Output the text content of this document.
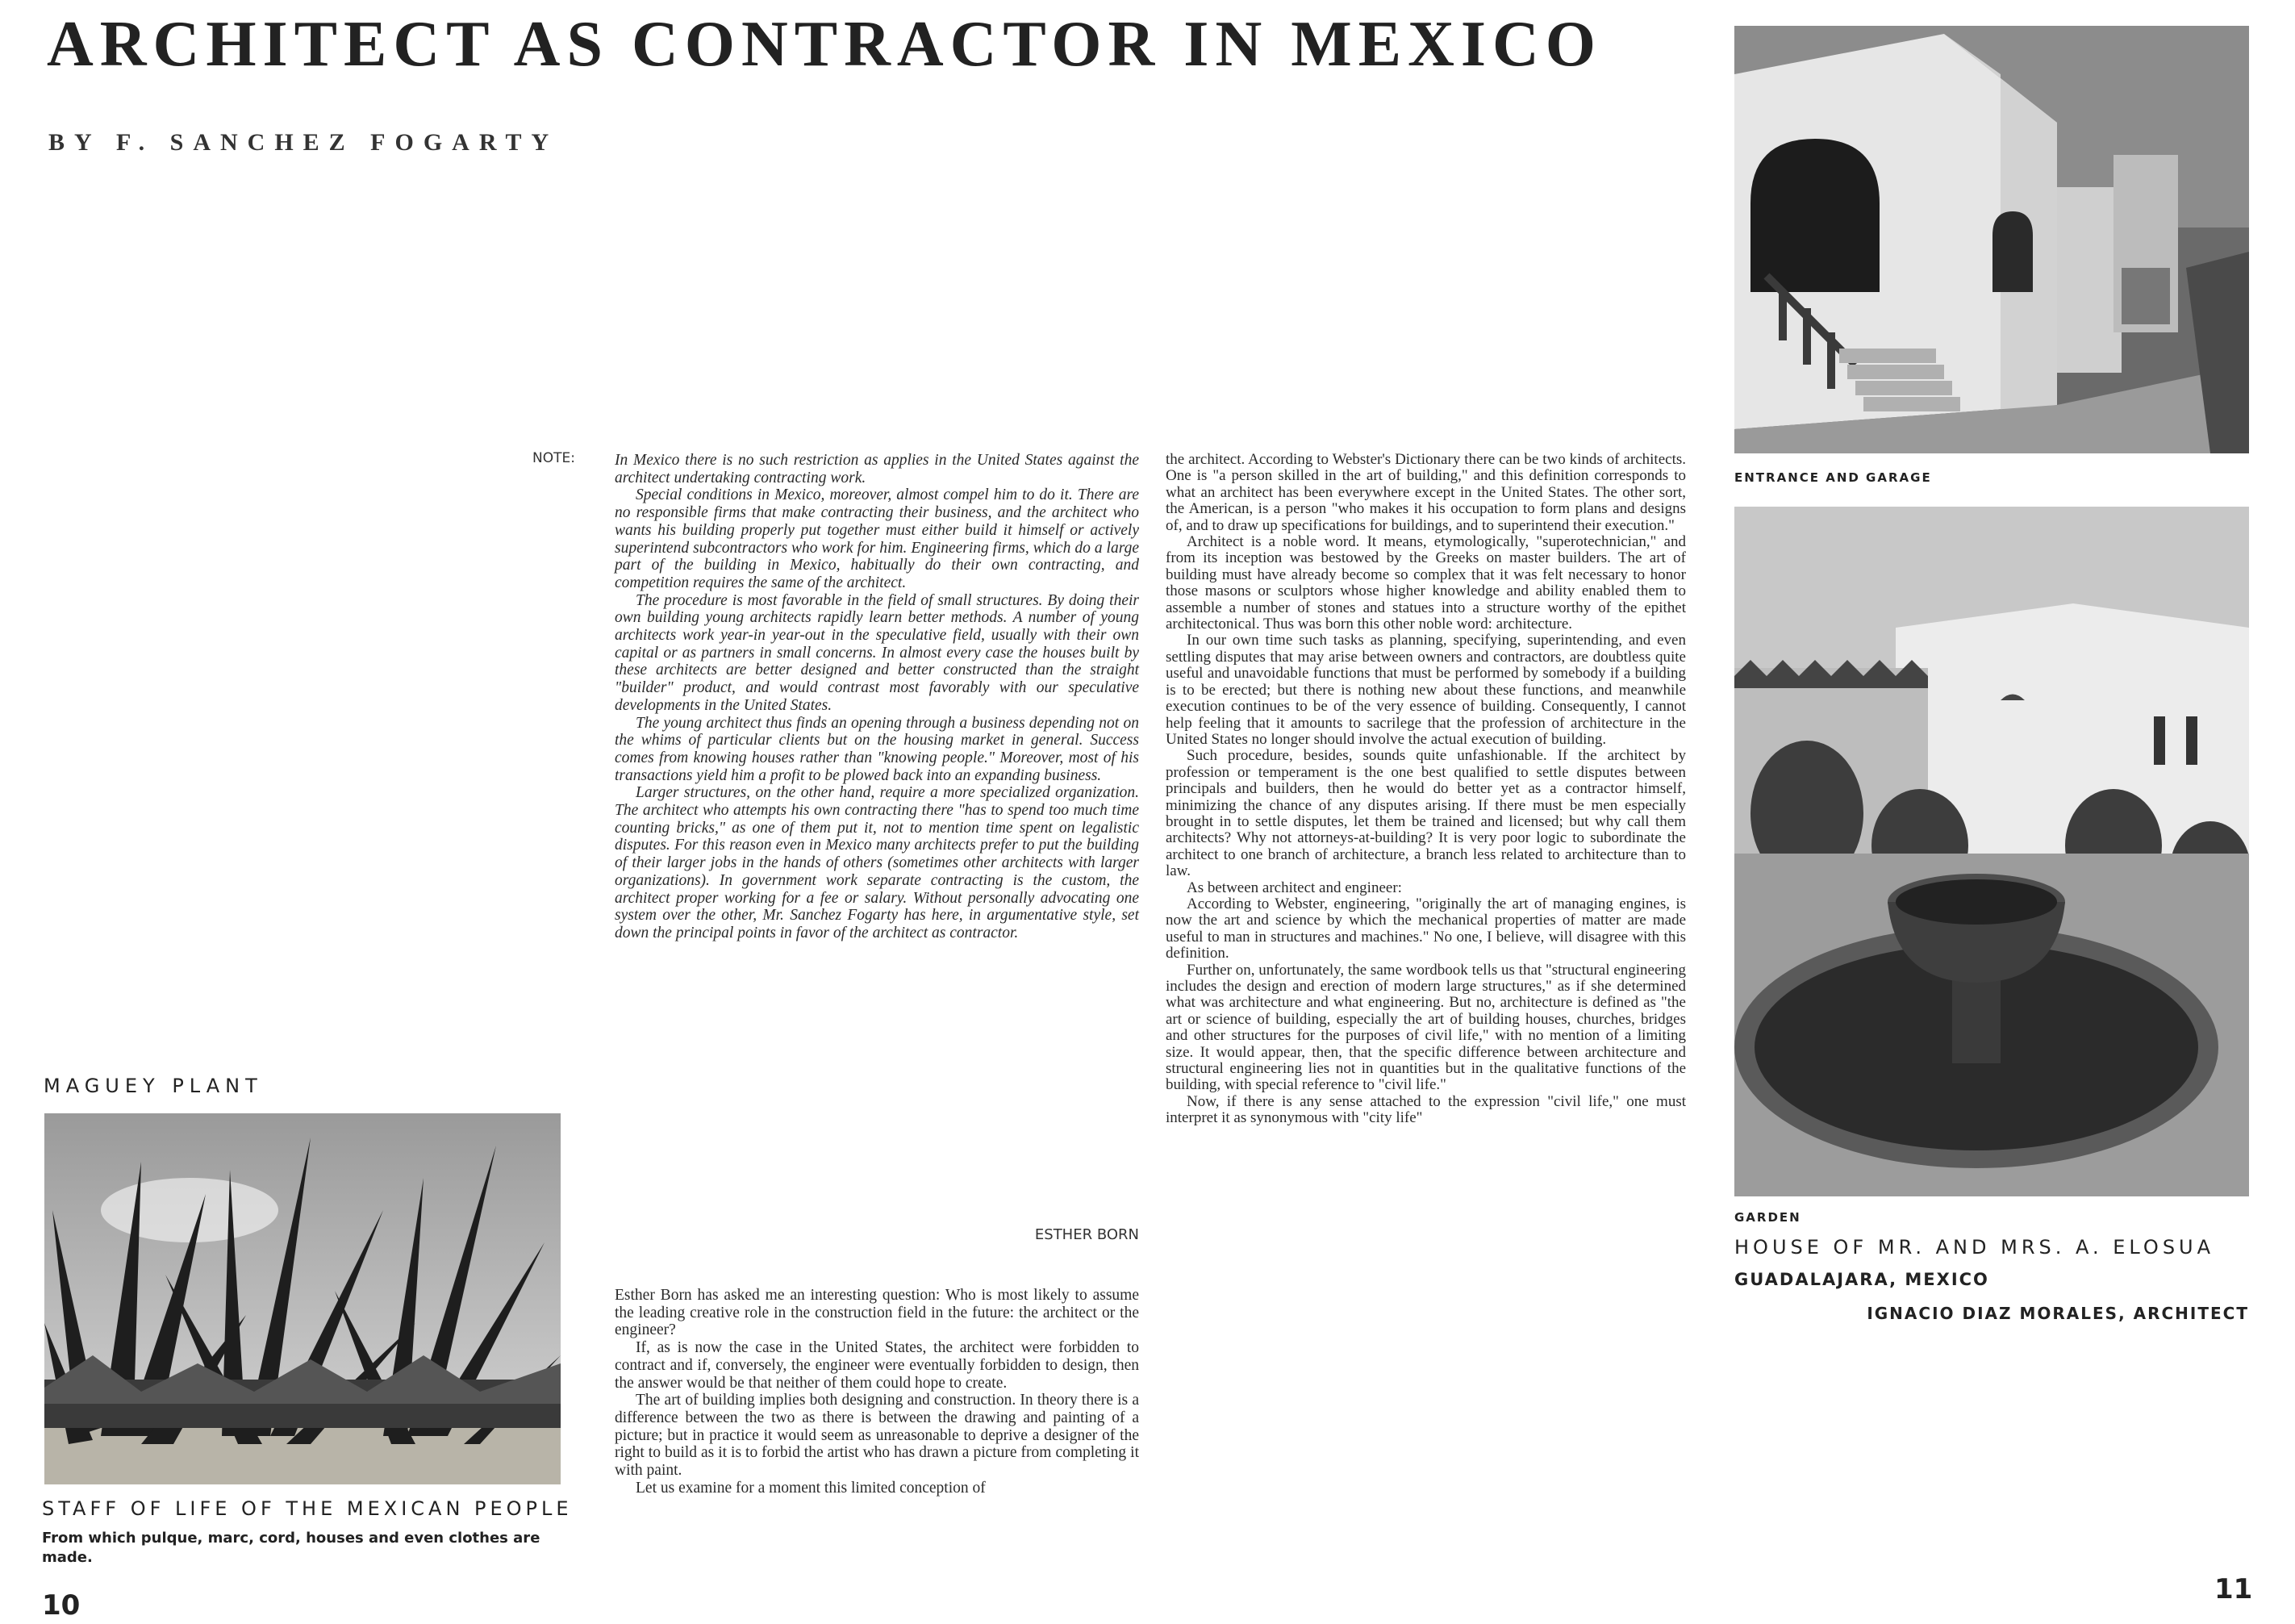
ARCHITECT AS CONTRACTOR IN MEXICO
BY F. SANCHEZ FOGARTY
MAGUEY PLANT
STAFF OF LIFE OF THE MEXICAN PEOPLE
From which pulque, marc, cord, houses and even clothes are made.
10
NOTE:	In Mexico there is no such restriction as applies in the United States against the architect undertaking contracting work.

Special conditions in Mexico, moreover, almost compel him to do it. There are no responsible firms that make contracting their business, and the architect who wants his building properly put together must either build it himself or actively superintend subcontractors who work for him. Engineering firms, which do a large part of the building in Mexico, habitually do their own contracting, and competition requires the same of the architect.

The procedure is most favorable in the field of small structures. By doing their own building young architects rapidly learn better methods. A number of young architects work year-in year-out in the speculative field, usually with their own capital or as partners in small concerns. In almost every case the houses built by these architects are better designed and better constructed than the straight "builder" product, and would contrast most favorably with our speculative developments in the United States.

The young architect thus finds an opening through a business depending not on the whims of particular clients but on the housing market in general. Success comes from knowing houses rather than "knowing people." Moreover, most of his transactions yield him a profit to be plowed back into an expanding business.

Larger structures, on the other hand, require a more specialized organization. The architect who attempts his own contracting there "has to spend too much time counting bricks," as one of them put it, not to mention time spent on legalistic disputes. For this reason even in Mexico many architects prefer to put the building of their larger jobs in the hands of others (sometimes other architects with larger organizations). In government work separate contracting is the custom, the architect proper working for a fee or salary. Without personally advocating one system over the other, Mr. Sanchez Fogarty has here, in argumentative style, set down the principal points in favor of the architect as contractor.

ESTHER BORN

Esther Born has asked me an interesting question: Who is most likely to assume the leading creative role in the construction field in the future: the architect or the engineer?

If, as is now the case in the United States, the architect were forbidden to contract and if, conversely, the engineer were eventually forbidden to design, then the answer would be that neither of them could hope to create.

The art of building implies both designing and construction. In theory there is a difference between the two as there is between the drawing and painting of a picture; but in practice it would seem as unreasonable to deprive a designer of the right to build as it is to forbid the artist who has drawn a picture from completing it with paint.

Let us examine for a moment this limited conception of

the architect. According to Webster's Dictionary there can be two kinds of architects. One is "a person skilled in the art of building," and this definition corresponds to what an architect has been everywhere except in the United States. The other sort, the American, is a person "who makes it his occupation to form plans and designs of, and to draw up specifications for buildings, and to superintend their execution."

Architect is a noble word. It means, etymologically, "superotechnician," and from its inception was bestowed by the Greeks on master builders. The art of building must have already become so complex that it was felt necessary to honor those masons or sculptors whose higher knowledge and ability enabled them to assemble a number of stones and statues into a structure worthy of the epithet architectonical. Thus was born this other noble word: architecture.

In our own time such tasks as planning, specifying, superintending, and even settling disputes that may arise between owners and contractors, are doubtless quite useful and unavoidable functions that must be performed by somebody if a building is to be erected; but there is nothing new about these functions, and meanwhile execution continues to be of the very essence of building. Consequently, I cannot help feeling that it amounts to sacrilege that the profession of architecture in the United States no longer should involve the actual execution of building.

Such procedure, besides, sounds quite unfashionable. If the architect by profession or temperament is the one best qualified to settle disputes between principals and builders, then he would do better yet as a contractor himself, minimizing the chance of any disputes arising. If there must be men especially brought in to settle disputes, let them be trained and licensed; but why call them architects? Why not attorneys-at-building? It is very poor logic to subordinate the architect to one branch of architecture, a branch less related to architecture than to law.

As between architect and engineer:

According to Webster, engineering, "originally the art of managing engines, is now the art and science by which the mechanical properties of matter are made useful to man in structures and machines." No one, I believe, will disagree with this definition.

Further on, unfortunately, the same wordbook tells us that "structural engineering includes the design and erection of modern large structures," as if she determined what was architecture and what engineering. But no, architecture is defined as "the art or science of building, especially the art of building houses, churches, bridges and other structures for the purposes of civil life," with no mention of a limiting size. It would appear, then, that the specific difference between architecture and structural engineering lies not in quantities but in the qualitative functions of the building, with special reference to "civil life."

Now, if there is any sense attached to the expression "civil life," one must interpret it as synonymous with "city life"

ENTRANCE AND GARAGE
GARDEN
HOUSE OF MR. AND MRS. A. ELOSUA
GUADALAJARA, MEXICO
IGNACIO DIAZ MORALES, ARCHITECT
11
